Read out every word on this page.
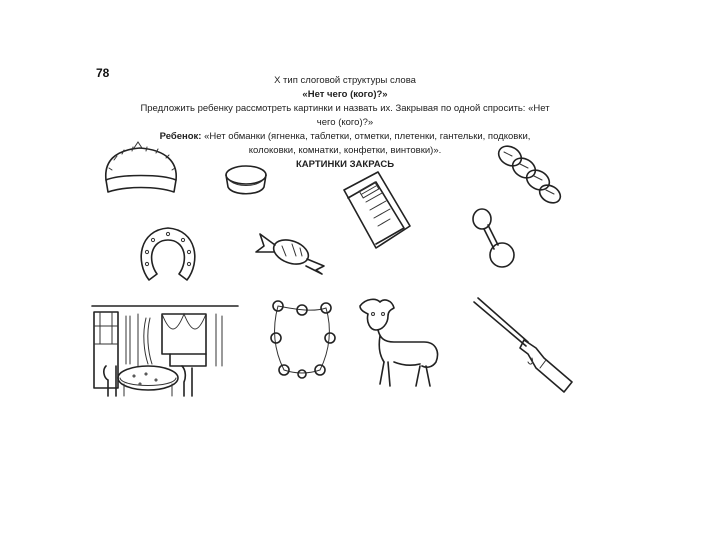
78
X тип слоговой структуры слова
«Нет чего (кого)?»
Предложить ребенку рассмотреть картинки и назвать их. Закрывая по одной спросить: «Нет
чего (кого)?»
Ребенок: «Нет обманки (ягненка, таблетки, отметки, плетенки, гантельки, подковки,
колоковки, комнатки, конфетки, винтовки)».
КАРТИНКИ ЗАКРАСЬ
